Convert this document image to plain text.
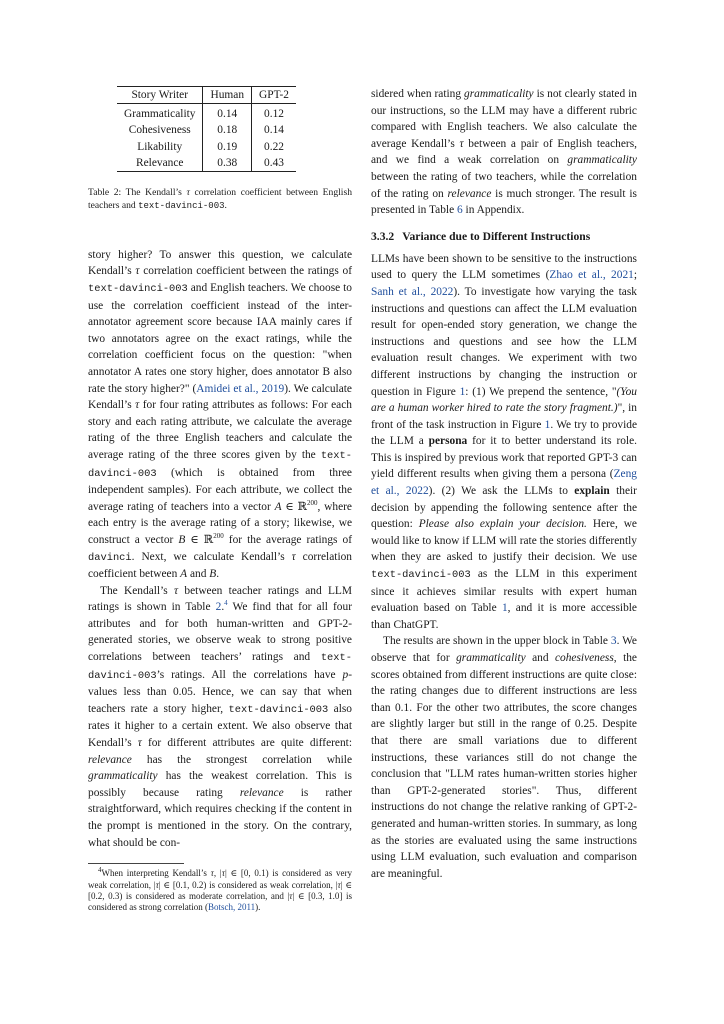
Story Writer	Human	GPT-2
Grammaticality	0.14	0.12
Cohesiveness	0.18	0.14
Likability	0.19	0.22
Relevance	0.38	0.43

Table 2: The Kendall’s τ correlation coefficient between English teachers and text-davinci-003.

story higher? To answer this question, we calculate Kendall’s τ correlation coefficient between the ratings of text-davinci-003 and English teachers. We choose to use the correlation coefficient instead of the inter-annotator agreement score because IAA mainly cares if two annotators agree on the exact ratings, while the correlation coefficient focus on the question: "when annotator A rates one story higher, does annotator B also rate the story higher?" (Amidei et al., 2019). We calculate Kendall’s τ for four rating attributes as follows: For each story and each rating attribute, we calculate the average rating of the three English teachers and calculate the average rating of the three scores given by the text-davinci-003 (which is obtained from three independent samples). For each attribute, we collect the average rating of teachers into a vector A ∈ ℝ$^{200}$, where each entry is the average rating of a story; likewise, we construct a vector B ∈ ℝ$^{200}$ for the average ratings of davinci. Next, we calculate Kendall’s τ correlation coefficient between A and B.

The Kendall’s τ between teacher ratings and LLM ratings is shown in Table 2.$^4$ We find that for all four attributes and for both human-written and GPT-2-generated stories, we observe weak to strong positive correlations between teachers’ ratings and text-davinci-003’s ratings. All the correlations have p-values less than 0.05. Hence, we can say that when teachers rate a story higher, text-davinci-003 also rates it higher to a certain extent. We also observe that Kendall’s τ for different attributes are quite different: relevance has the strongest correlation while grammaticality has the weakest correlation. This is possibly because rating relevance is rather straightforward, which requires checking if the content in the prompt is mentioned in the story. On the contrary, what should be con-

$^4$When interpreting Kendall’s τ, |τ| ∈ [0, 0.1) is considered as very weak correlation, |τ| ∈ [0.1, 0.2) is considered as weak correlation, |τ| ∈ [0.2, 0.3) is considered as moderate correlation, and |τ| ∈ [0.3, 1.0] is considered as strong correlation (Botsch, 2011).

sidered when rating grammaticality is not clearly stated in our instructions, so the LLM may have a different rubric compared with English teachers. We also calculate the average Kendall’s τ between a pair of English teachers, and we find a weak correlation on grammaticality between the rating of two teachers, while the correlation of the rating on relevance is much stronger. The result is presented in Table 6 in Appendix.

3.3.2 Variance due to Different Instructions

LLMs have been shown to be sensitive to the instructions used to query the LLM sometimes (Zhao et al., 2021; Sanh et al., 2022). To investigate how varying the task instructions and questions can affect the LLM evaluation result for open-ended story generation, we change the instructions and questions and see how the LLM evaluation result changes. We experiment with two different instructions by changing the instruction or question in Figure 1: (1) We prepend the sentence, "(You are a human worker hired to rate the story fragment.)", in front of the task instruction in Figure 1. We try to provide the LLM a persona for it to better understand its role. This is inspired by previous work that reported GPT-3 can yield different results when giving them a persona (Zeng et al., 2022). (2) We ask the LLMs to explain their decision by appending the following sentence after the question: Please also explain your decision. Here, we would like to know if LLM will rate the stories differently when they are asked to justify their decision. We use text-davinci-003 as the LLM in this experiment since it achieves similar results with expert human evaluation based on Table 1, and it is more accessible than ChatGPT.

The results are shown in the upper block in Table 3. We observe that for grammaticality and cohesiveness, the scores obtained from different instructions are quite close: the rating changes due to different instructions are less than 0.1. For the other two attributes, the score changes are slightly larger but still in the range of 0.25. Despite that there are small variations due to different instructions, these variances still do not change the conclusion that "LLM rates human-written stories higher than GPT-2-generated stories". Thus, different instructions do not change the relative ranking of GPT-2-generated and human-written stories. In summary, as long as the stories are evaluated using the same instructions using LLM evaluation, such evaluation and comparison are meaningful.
